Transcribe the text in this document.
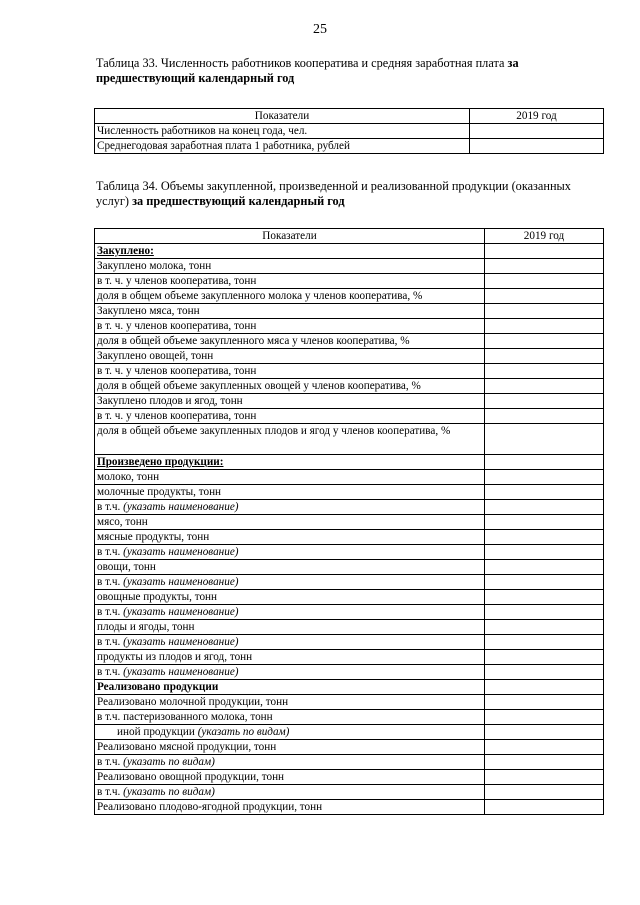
25
Таблица 33. Численность работников кооператива и средняя заработная плата за предшествующий календарный год
Показатели	2019 год
Численность работников на конец года, чел.	
Среднегодовая заработная плата 1 работника, рублей	
Таблица 34. Объемы закупленной, произведенной и реализованной продукции (оказанных услуг) за предшествующий календарный год
Показатели	2019 год
Закуплено:	
Закуплено молока, тонн	
в т. ч. у членов кооператива, тонн	
доля в общем объеме закупленного молока у членов кооператива, %	
Закуплено мяса, тонн	
в т. ч. у членов кооператива, тонн	
доля в общей объеме закупленного мяса у членов кооператива, %	
Закуплено овощей, тонн	
в т. ч. у членов кооператива, тонн	
доля в общей объеме закупленных овощей у членов кооператива, %	
Закуплено плодов и ягод, тонн	
в т. ч. у членов кооператива, тонн	
доля в общей объеме закупленных плодов и ягод у членов кооператива, %	
Произведено продукции:	
молоко, тонн	
молочные продукты, тонн	
в т.ч. (указать наименование)	
мясо, тонн	
мясные продукты, тонн	
в т.ч. (указать наименование)	
овощи, тонн	
в т.ч. (указать наименование)	
овощные продукты, тонн	
в т.ч. (указать наименование)	
плоды и ягоды, тонн	
в т.ч. (указать наименование)	
продукты из плодов и ягод, тонн	
в т.ч. (указать наименование)	
Реализовано продукции	
Реализовано молочной продукции, тонн	
в т.ч. пастеризованного молока, тонн	
иной продукции (указать по видам)	
Реализовано мясной продукции, тонн	
в т.ч. (указать по видам)	
Реализовано овощной продукции, тонн	
в т.ч. (указать по видам)	
Реализовано плодово-ягодной продукции, тонн	
